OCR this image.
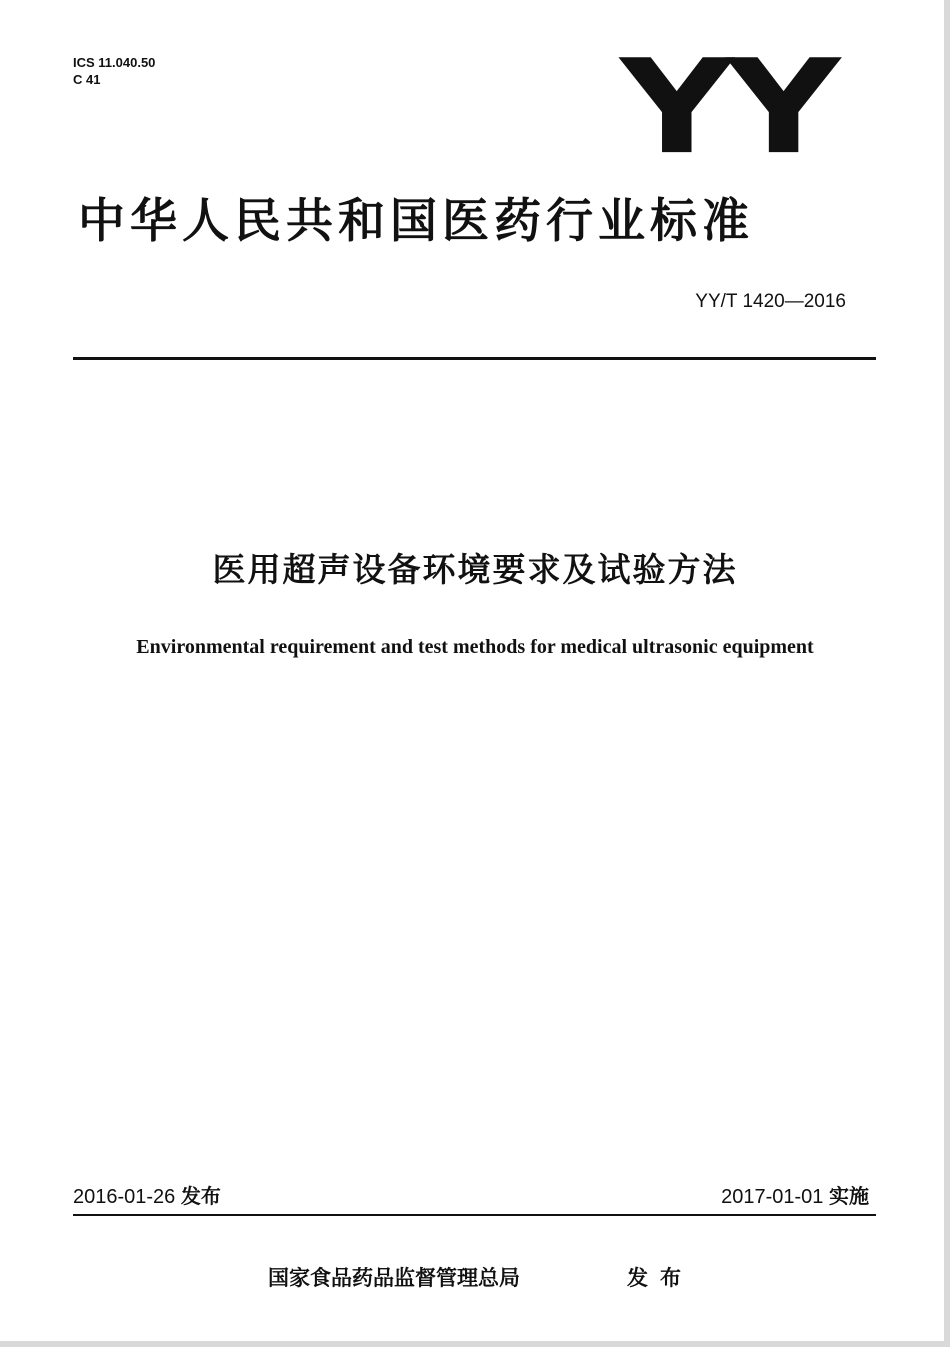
ICS 11.040.50
C 41	YY
中华人民共和国医药行业标准
YY/T 1420—2016
医用超声设备环境要求及试验方法
Environmental requirement and test methods for medical ultrasonic equipment
2016-01-26 发布	2017-01-01 实施
国家食品药品监督管理总局	发布
